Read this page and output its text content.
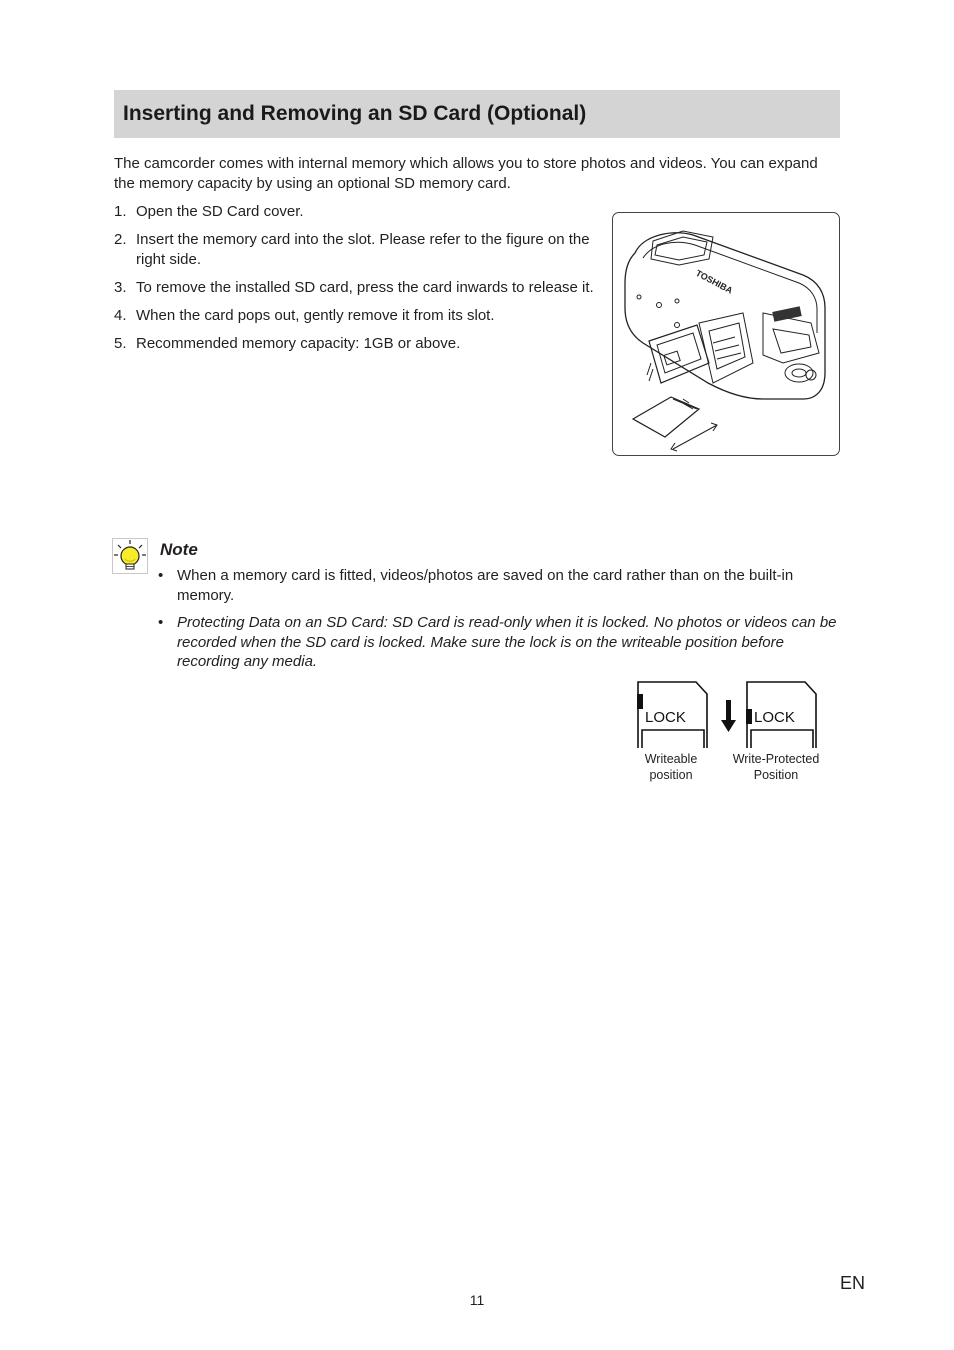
Inserting and Removing an SD Card (Optional)

The camcorder comes with internal memory which allows you to store photos and videos. You can expand the memory capacity by using an optional SD memory card.

1. Open the SD Card cover.
2. Insert the memory card into the slot. Please refer to the figure on the right side.
3. To remove the installed SD card, press the card inwards to release it.
4. When the card pops out, gently remove it from its slot.
5. Recommended memory capacity: 1GB or above.
TOSHIBA
Note
• When a memory card is fitted, videos/photos are saved on the card rather than on the built-in memory.
• Protecting Data on an SD Card: SD Card is read-only when it is locked. No photos or videos can be recorded when the SD card is locked. Make sure the lock is on the writeable position before recording any media.
LOCK	LOCK
Writeable
position
Write-Protected
Position
11
EN
